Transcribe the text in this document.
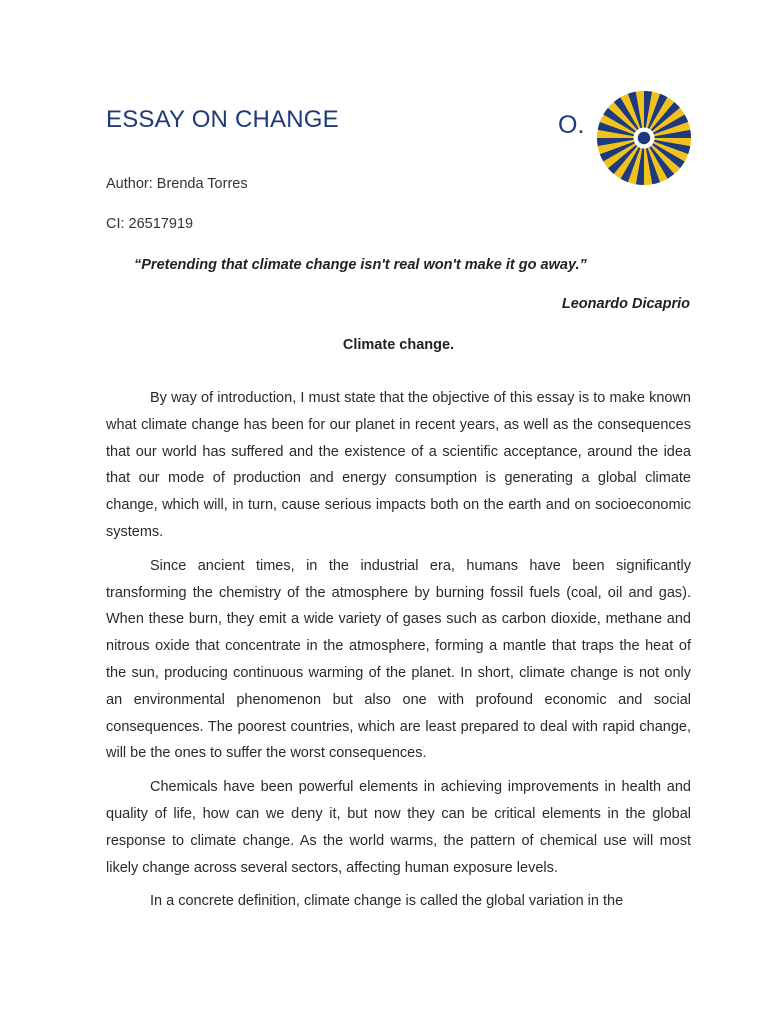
ESSAY ON CHANGE	O.
Author: Brenda Torres
CI: 26517919
“Pretending that climate change isn't real won't make it go away.”
Leonardo Dicaprio
Climate change.

By way of introduction, I must state that the objective of this essay is to make known what climate change has been for our planet in recent years, as well as the consequences that our world has suffered and the existence of a scientific acceptance, around the idea that our mode of production and energy consumption is generating a global climate change, which will, in turn, cause serious impacts both on the earth and on socioeconomic systems.

Since ancient times, in the industrial era, humans have been significantly transforming the chemistry of the atmosphere by burning fossil fuels (coal, oil and gas). When these burn, they emit a wide variety of gases such as carbon dioxide, methane and nitrous oxide that concentrate in the atmosphere, forming a mantle that traps the heat of the sun, producing continuous warming of the planet. In short, climate change is not only an environmental phenomenon but also one with profound economic and social consequences. The poorest countries, which are least prepared to deal with rapid change, will be the ones to suffer the worst consequences.

Chemicals have been powerful elements in achieving improvements in health and quality of life, how can we deny it, but now they can be critical elements in the global response to climate change. As the world warms, the pattern of chemical use will most likely change across several sectors, affecting human exposure levels.

In a concrete definition, climate change is called the global variation in the
